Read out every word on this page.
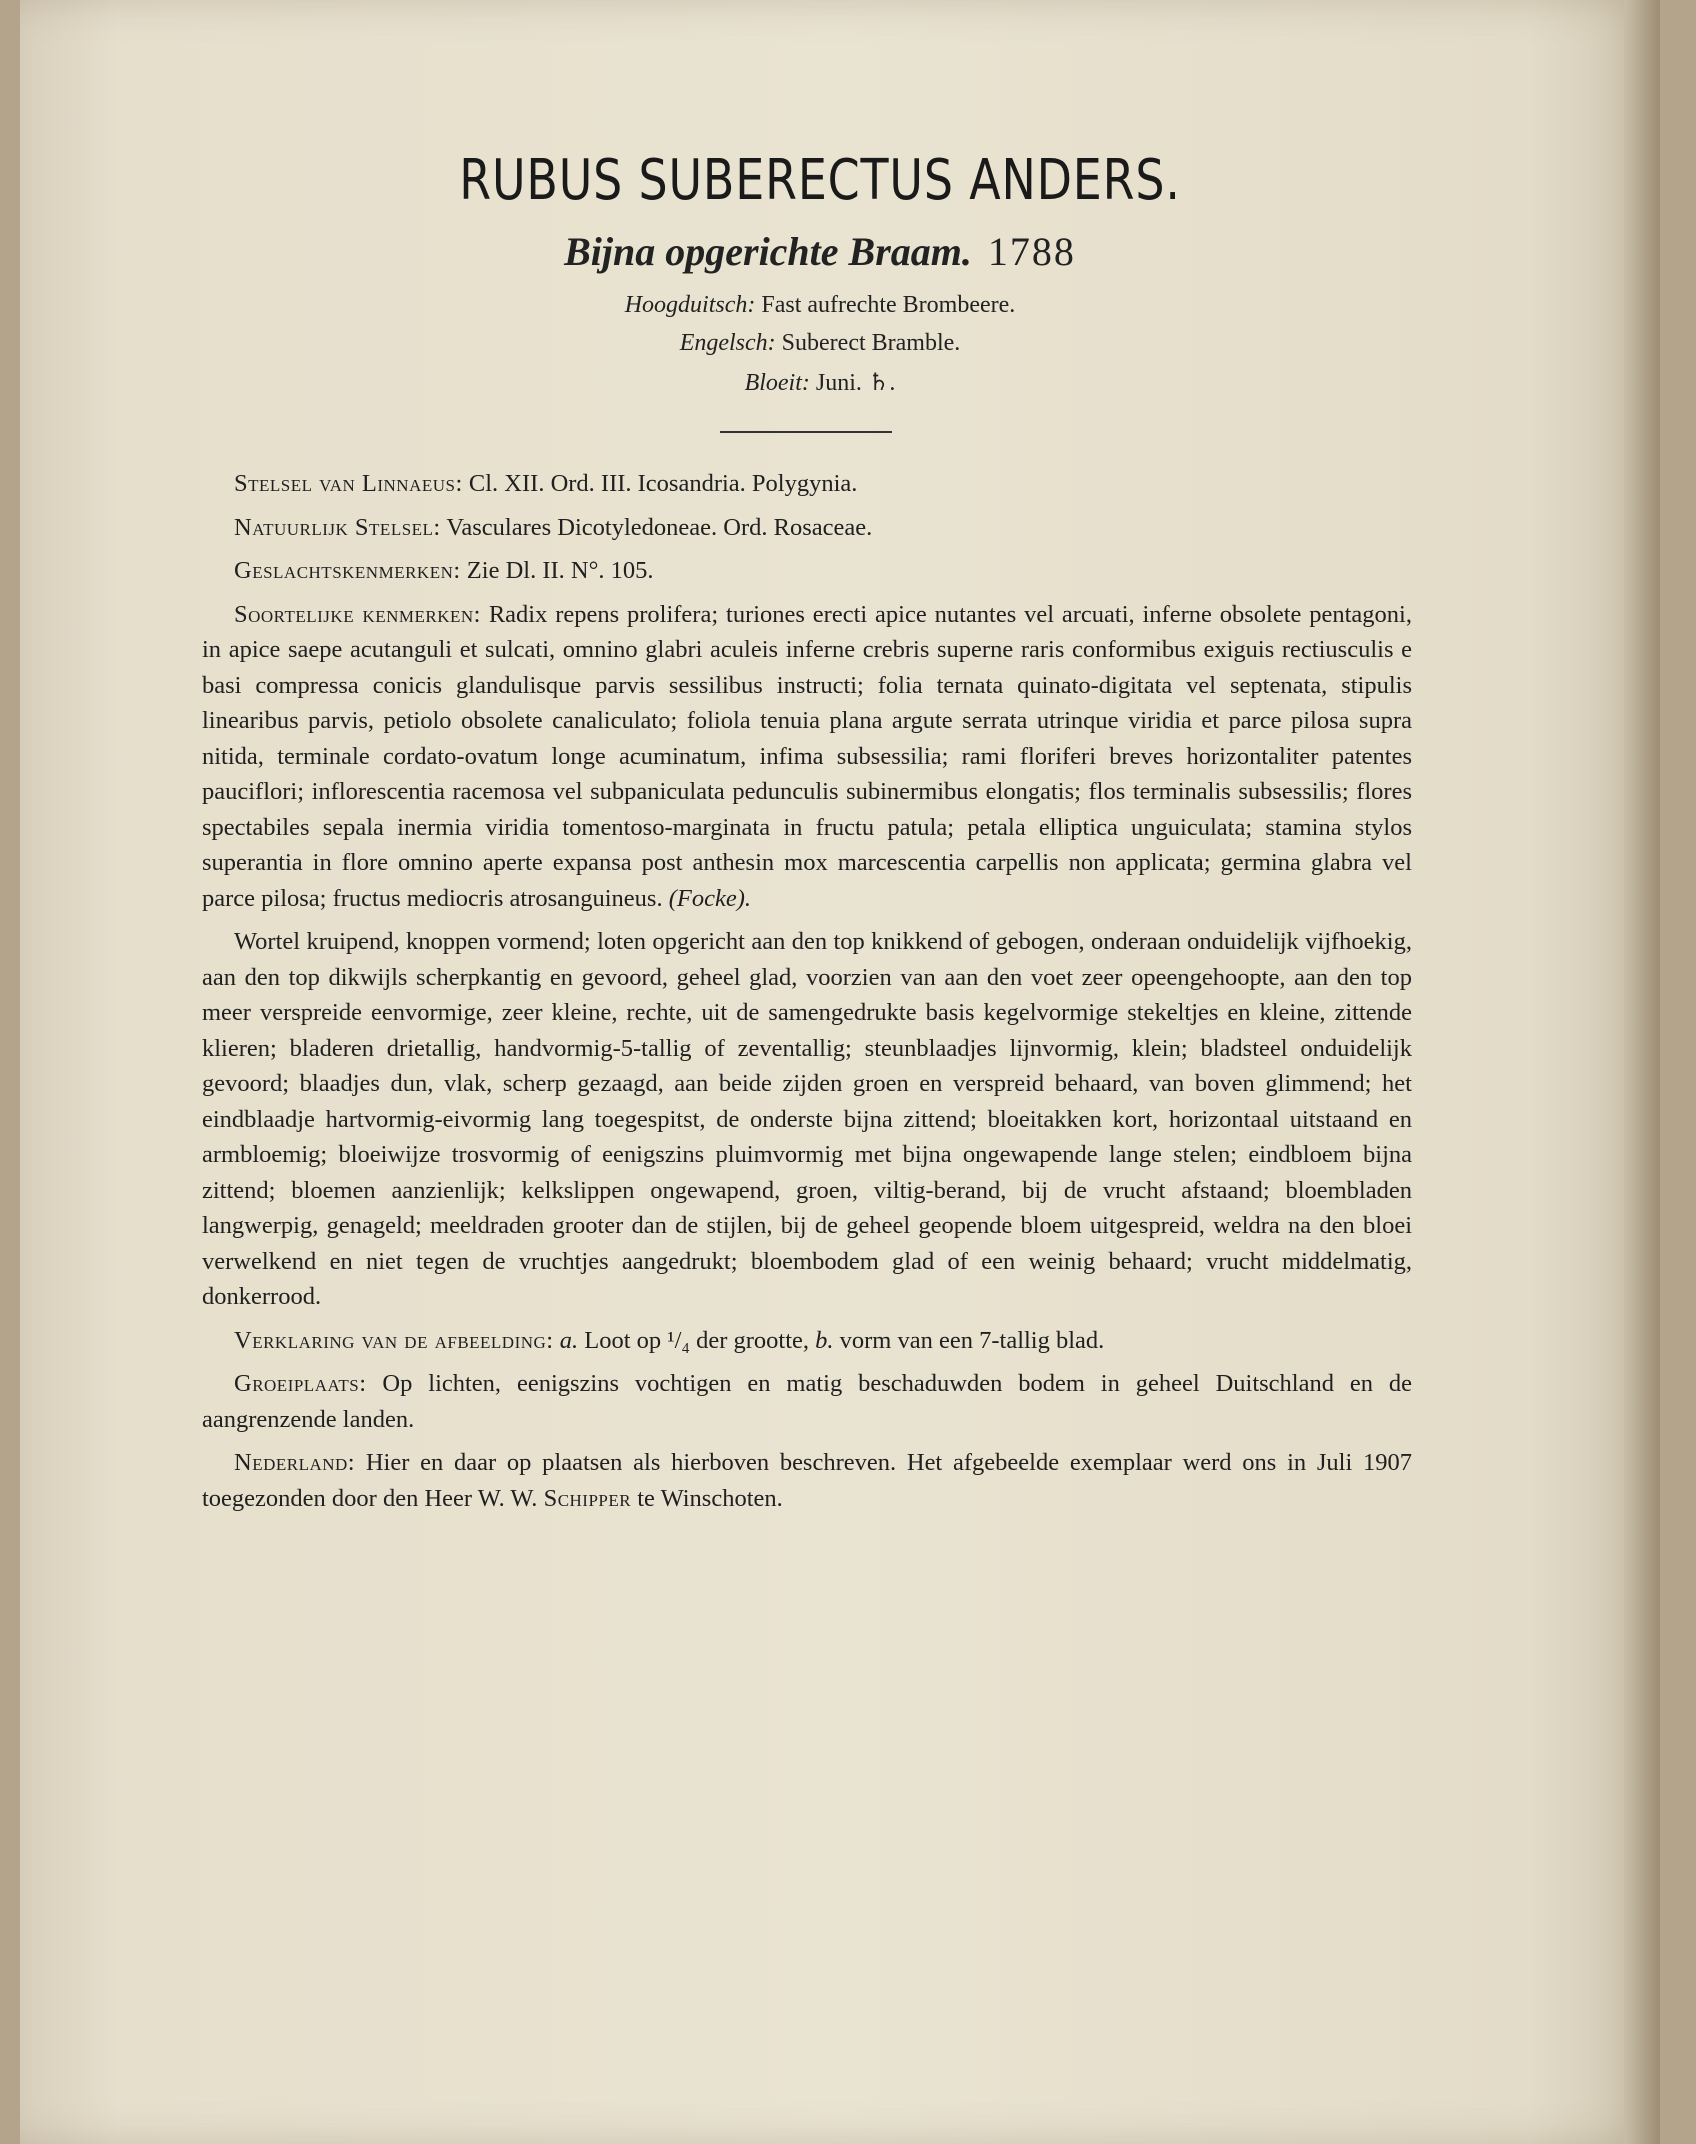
RUBUS SUBERECTUS ANDERS.
Bijna opgerichte Braam. 1788
Hoogduitsch: Fast aufrechte Brombeere.
Engelsch: Suberect Bramble.
Bloeit: Juni. ♄.

Stelsel van Linnaeus: Cl. XII. Ord. III. Icosandria. Polygynia.

Natuurlijk Stelsel: Vasculares Dicotyledoneae. Ord. Rosaceae.

Geslachtskenmerken: Zie Dl. II. N°. 105.

Soortelijke kenmerken: Radix repens prolifera; turiones erecti apice nutantes vel arcuati, inferne obsolete pentagoni, in apice saepe acutanguli et sulcati, omnino glabri aculeis inferne crebris superne raris conformibus exiguis rectiusculis e basi compressa conicis glandulisque parvis sessilibus instructi; folia ternata quinato-digitata vel septenata, stipulis linearibus parvis, petiolo obsolete canaliculato; foliola tenuia plana argute serrata utrinque viridia et parce pilosa supra nitida, terminale cordato-ovatum longe acuminatum, infima subsessilia; rami floriferi breves horizontaliter patentes pauciflori; inflorescentia racemosa vel subpaniculata pedunculis subinermibus elongatis; flos terminalis subsessilis; flores spectabiles sepala inermia viridia tomentoso-marginata in fructu patula; petala elliptica unguiculata; stamina stylos superantia in flore omnino aperte expansa post anthesin mox marcescentia carpellis non applicata; germina glabra vel parce pilosa; fructus mediocris atrosanguineus. (Focke).

Wortel kruipend, knoppen vormend; loten opgericht aan den top knikkend of gebogen, onderaan onduidelijk vijfhoekig, aan den top dikwijls scherpkantig en gevoord, geheel glad, voorzien van aan den voet zeer opeengehoopte, aan den top meer verspreide eenvormige, zeer kleine, rechte, uit de samengedrukte basis kegelvormige stekeltjes en kleine, zittende klieren; bladeren drietallig, handvormig-5-tallig of zeventallig; steunblaadjes lijnvormig, klein; bladsteel onduidelijk gevoord; blaadjes dun, vlak, scherp gezaagd, aan beide zijden groen en verspreid behaard, van boven glimmend; het eindblaadje hartvormig-eivormig lang toegespitst, de onderste bijna zittend; bloeitakken kort, horizontaal uitstaand en armbloemig; bloeiwijze trosvormig of eenigszins pluimvormig met bijna ongewapende lange stelen; eindbloem bijna zittend; bloemen aanzienlijk; kelkslippen ongewapend, groen, viltig-berand, bij de vrucht afstaand; bloembladen langwerpig, genageld; meeldraden grooter dan de stijlen, bij de geheel geopende bloem uitgespreid, weldra na den bloei verwelkend en niet tegen de vruchtjes aangedrukt; bloembodem glad of een weinig behaard; vrucht middelmatig, donkerrood.

Verklaring van de afbeelding: a. Loot op ¹/₄ der grootte, b. vorm van een 7-tallig blad.

Groeiplaats: Op lichten, eenigszins vochtigen en matig beschaduwden bodem in geheel Duitschland en de aangrenzende landen.

Nederland: Hier en daar op plaatsen als hierboven beschreven. Het afgebeelde exemplaar werd ons in Juli 1907 toegezonden door den Heer W. W. Schipper te Winschoten.
